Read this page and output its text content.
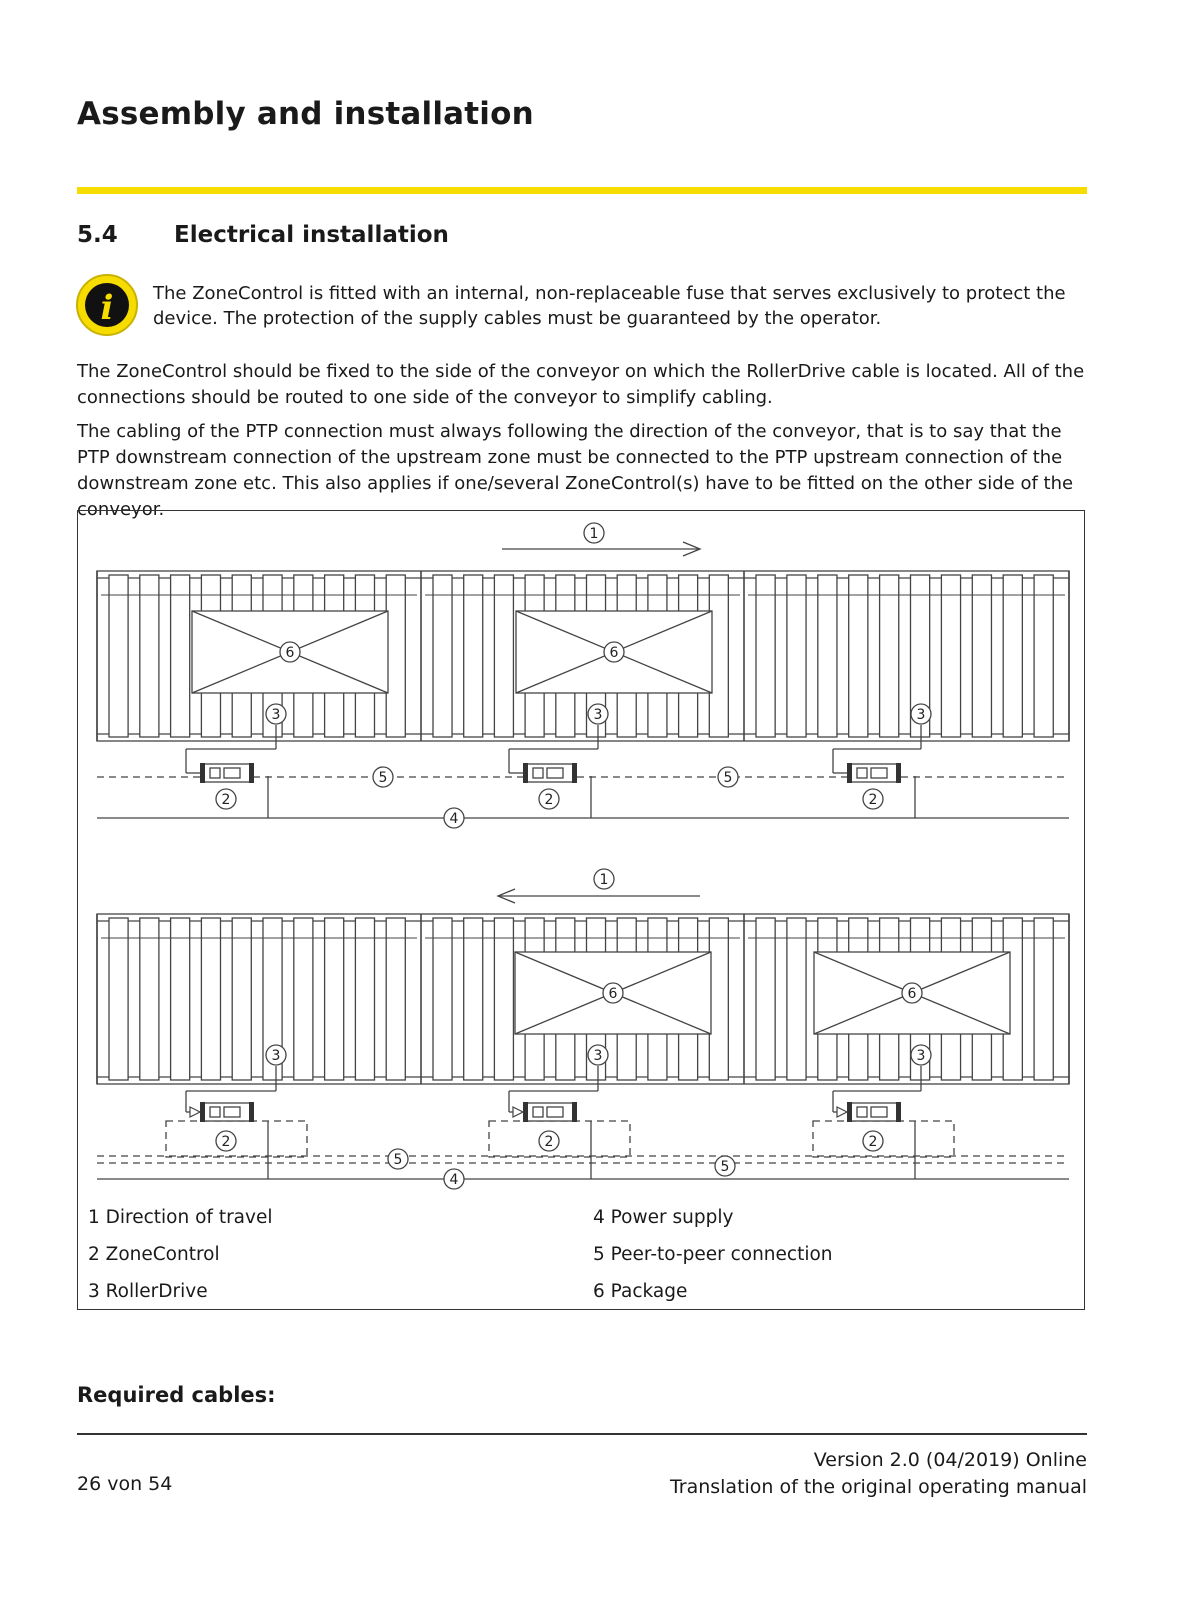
Assembly and installation
5.4 Electrical installation
i The ZoneControl is fitted with an internal, non-replaceable fuse that serves exclusively to protect the device. The protection of the supply cables must be guaranteed by the operator.

The ZoneControl should be fixed to the side of the conveyor on which the RollerDrive cable is located. All of the connections should be routed to one side of the conveyor to simplify cabling.

The cabling of the PTP connection must always following the direction of the conveyor, that is to say that the PTP downstream connection of the upstream zone must be connected to the PTP upstream connection of the downstream zone etc. This also applies if one/several ZoneControl(s) have to be fitted on the other side of the conveyor.

1
6	6
3	3	3
5	5
2	2	2
4
1
6	6
3	3	3
5	5
2	2	2
4

1 Direction of travel

2 ZoneControl

3 RollerDrive

4 Power supply

5 Peer-to-peer connection

6 Package

Required cables:

26 von 54

Version 2.0 (04/2019) Online
Translation of the original operating manual
